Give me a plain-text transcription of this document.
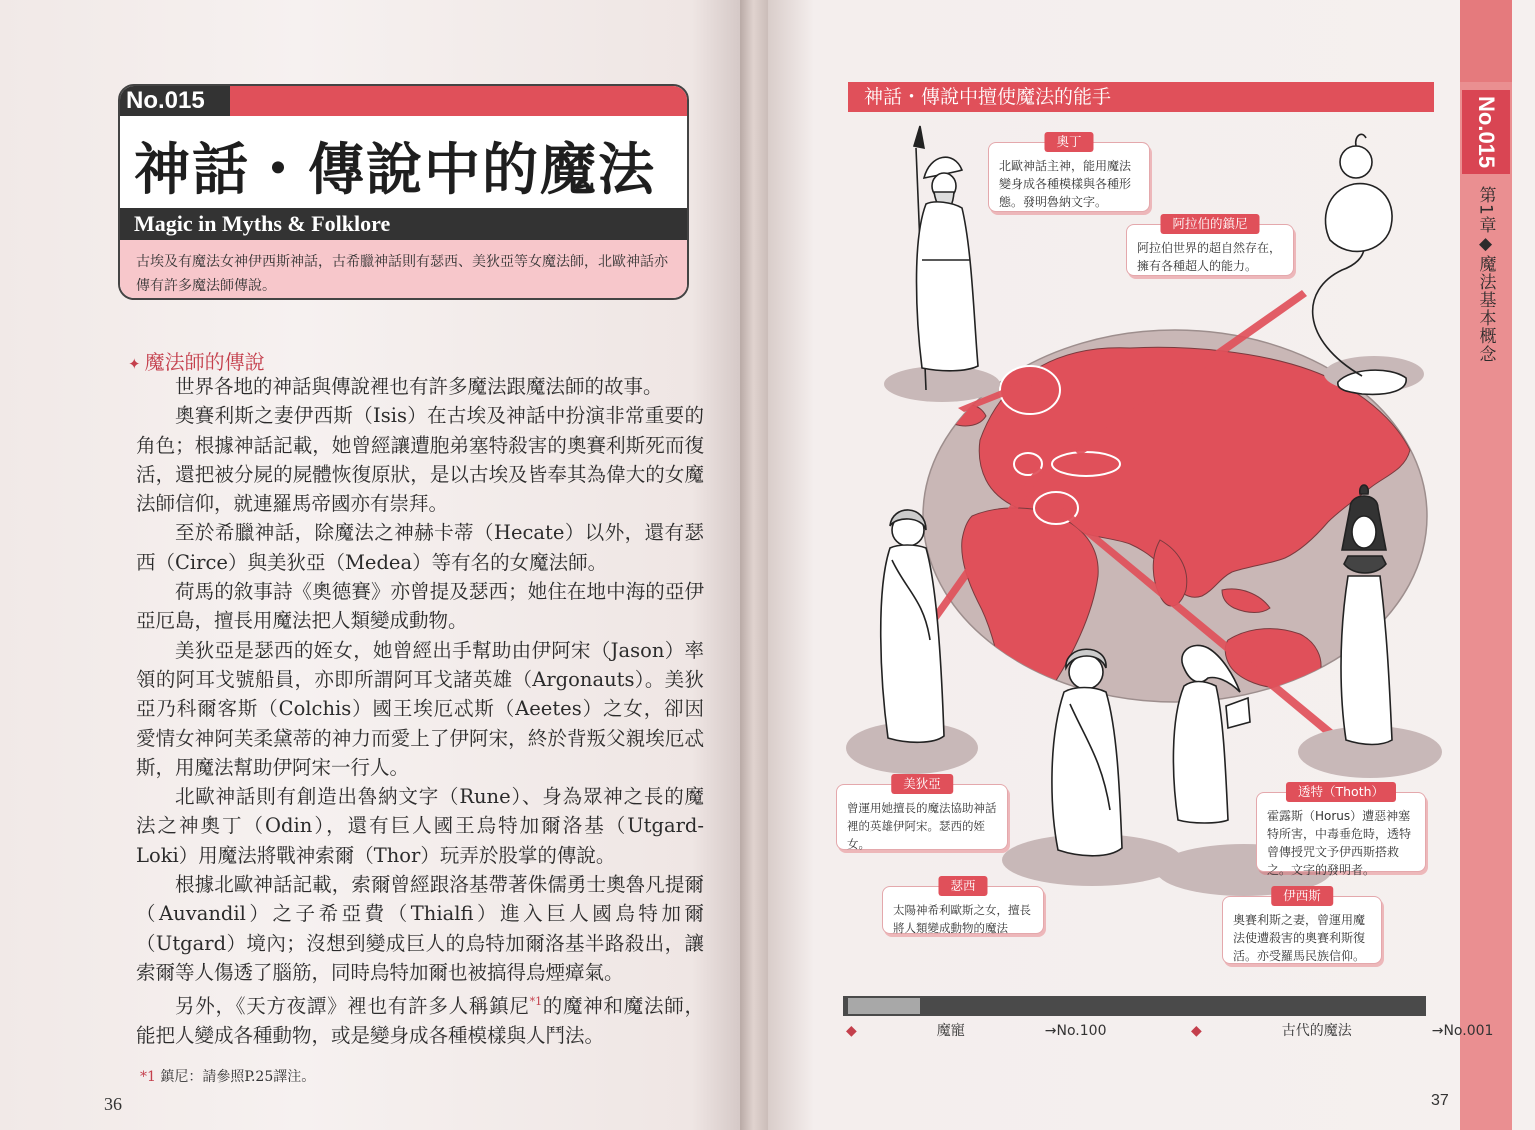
No.015
神話・傳說中的魔法
Magic in Myths & Folklore
古埃及有魔法女神伊西斯神話，古希臘神話則有瑟西、美狄亞等女魔法師，北歐神話亦傳有許多魔法師傳說。
✦ 魔法師的傳說

世界各地的神話與傳說裡也有許多魔法跟魔法師的故事。

奧賽利斯之妻伊西斯（Isis）在古埃及神話中扮演非常重要的角色；根據神話記載，她曾經讓遭胞弟塞特殺害的奧賽利斯死而復活，還把被分屍的屍體恢復原狀，是以古埃及皆奉其為偉大的女魔法師信仰，就連羅馬帝國亦有崇拜。

至於希臘神話，除魔法之神赫卡蒂（Hecate）以外，還有瑟西（Circe）與美狄亞（Medea）等有名的女魔法師。

荷馬的敘事詩《奧德賽》亦曾提及瑟西；她住在地中海的亞伊亞厄島，擅長用魔法把人類變成動物。

美狄亞是瑟西的姪女，她曾經出手幫助由伊阿宋（Jason）率領的阿耳戈號船員，亦即所謂阿耳戈諸英雄（Argonauts）。美狄亞乃科爾客斯（Colchis）國王埃厄忒斯（Aeetes）之女，卻因愛情女神阿芙柔黛蒂的神力而愛上了伊阿宋，終於背叛父親埃厄忒斯，用魔法幫助伊阿宋一行人。

北歐神話則有創造出魯納文字（Rune）、身為眾神之長的魔法之神奧丁（Odin），還有巨人國王烏特加爾洛基（Utgard-Loki）用魔法將戰神索爾（Thor）玩弄於股掌的傳說。

根據北歐神話記載，索爾曾經跟洛基帶著侏儒勇士奧魯凡提爾（Auvandil）之子希亞費（Thialfi）進入巨人國烏特加爾（Utgard）境內；沒想到變成巨人的烏特加爾洛基半路殺出，讓索爾等人傷透了腦筋，同時烏特加爾也被搞得烏煙瘴氣。

另外，《天方夜譚》裡也有許多人稱鎮尼$^{*1}$的魔神和魔法師，能把人變成各種動物，或是變身成各種模樣與人鬥法。

*1 鎮尼：請參照P.25譯注。
36
No.015
第1章◆魔法基本概念
神話・傳說中擅使魔法的能手
奧丁
北歐神話主神，能用魔法變身成各種模樣與各種形態。發明魯納文字。
阿拉伯的鎮尼
阿拉伯世界的超自然存在，擁有各種超人的能力。
美狄亞
曾運用她擅長的魔法協助神話裡的英雄伊阿宋。瑟西的姪女。
透特（Thoth）
霍露斯（Horus）遭惡神塞特所害，中毒垂危時，透特曾傳授咒文予伊西斯搭救之。文字的發明者。
瑟西
太陽神希利歐斯之女，擅長將人類變成動物的魔法
伊西斯
奧賽利斯之妻，曾運用魔法使遭殺害的奧賽利斯復活。亦受羅馬民族信仰。
◆	魔寵	→No.100	◆	古代的魔法	→No.001
37
